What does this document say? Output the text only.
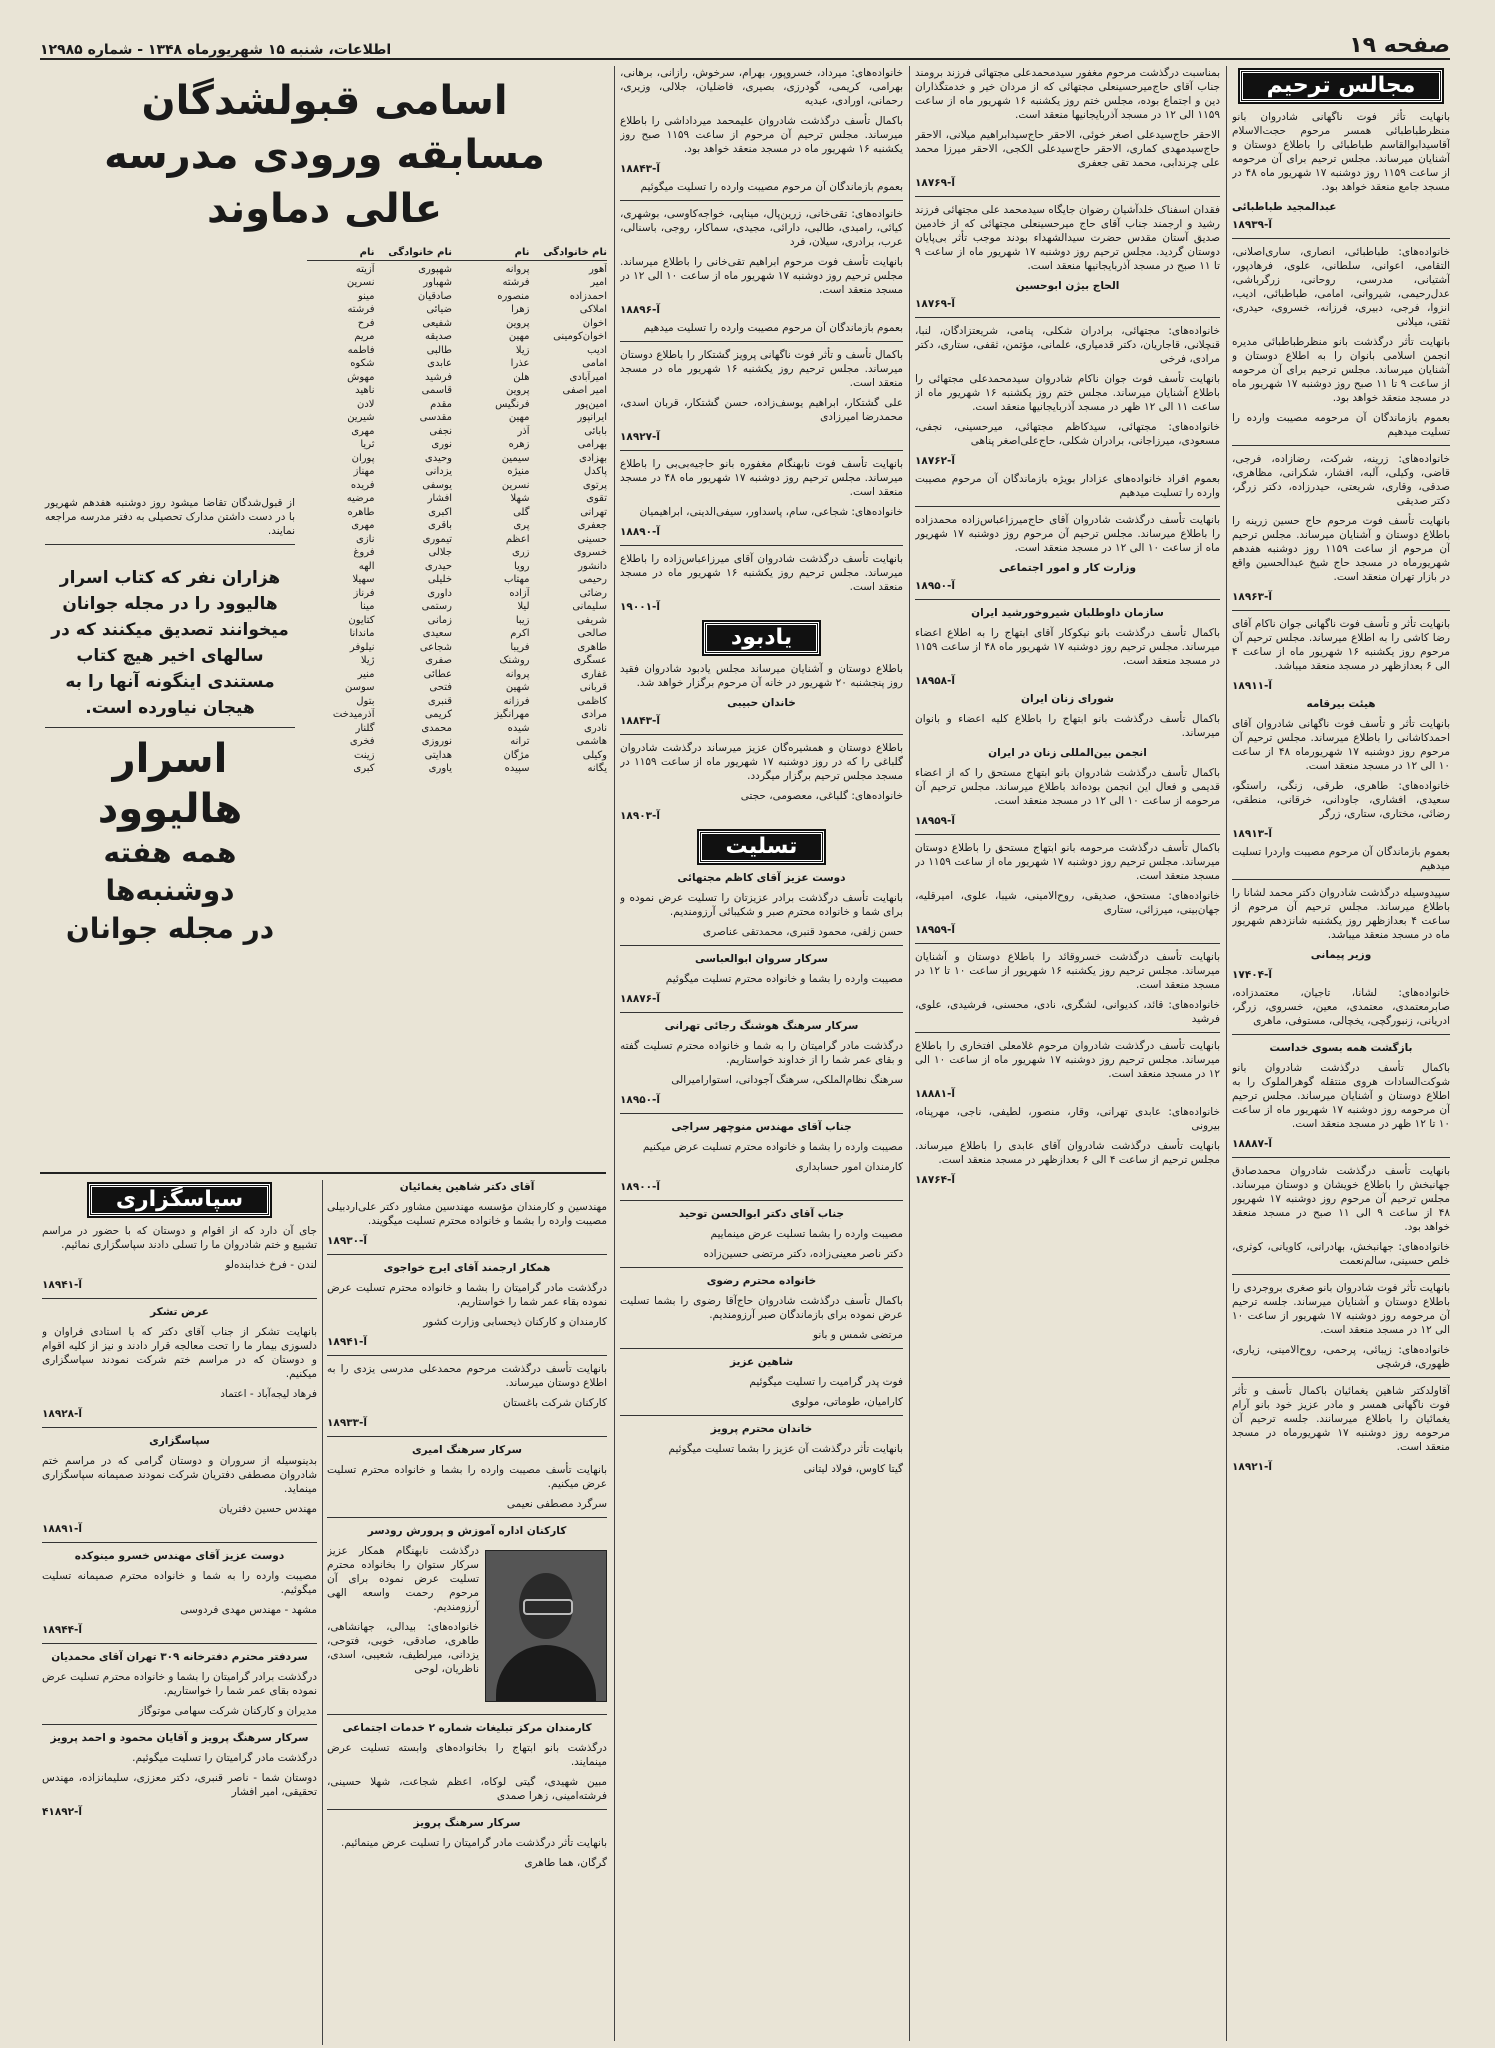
صفحه ۱۹
اطلاعات، شنبه ۱۵ شهریورماه ۱۳۴۸ - شماره ۱۲۹۸۵
مجالس ترحیم

بانهایت تأثر فوت ناگهانی شادروان بانو منظرطباطبائی همسر مرحوم حجت‌الاسلام آقاسیدابوالقاسم طباطبائی را باطلاع دوستان و آشنایان میرساند. مجلس ترحیم برای آن مرحومه از ساعت ۱۱۵۹ روز دوشنبه ۱۷ شهریور ماه ۴۸ در مسجد جامع منعقد خواهد بود.

عبدالمجید طباطبائی
آ-۱۸۹۳۹

خانواده‌های: طباطبائی، انصاری، ساری‌اصلانی، التقامی، اعوانی، سلطانی، علوی، فرهادپور، آشتیانی، مدرسی، روحانی، زرگرباشی، عدل‌رحیمی، شیروانی، امامی، طباطبائی، ادیب، انزوا، فرجی، دبیری، فرزانه، خسروی، حیدری، ثقتی، میلانی

بانهایت تأثر درگذشت بانو منظرطباطبائی مدیره انجمن اسلامی بانوان را به اطلاع دوستان و آشنایان میرساند. مجلس ترحیم برای آن مرحومه از ساعت ۹ تا ۱۱ صبح روز دوشنبه ۱۷ شهریور ماه در مسجد منعقد خواهد بود.

بعموم بازماندگان آن مرحومه مصیبت وارده را تسلیت میدهیم

خانواده‌های: زرینه، شرکت، رضازاده، فرجی، قاضی، وکیلی، آلبه، افشار، شکرانی، مظاهری، صدقی، وقاری، شریعتی، حیدرزاده، دکتر زرگر، دکتر صدیقی

بانهایت تأسف فوت مرحوم حاج حسین زرینه را باطلاع دوستان و آشنایان میرساند. مجلس ترحیم آن مرحوم از ساعت ۱۱۵۹ روز دوشنبه هفدهم شهریورماه در مسجد حاج شیخ عبدالحسین واقع در بازار تهران منعقد است.

آ-۱۸۹۶۳

بانهایت تأثر و تأسف فوت ناگهانی جوان ناکام آقای رضا کاشی را به اطلاع میرساند. مجلس ترحیم آن مرحوم روز یکشنبه ۱۶ شهریور ماه از ساعت ۴ الی ۶ بعدازظهر در مسجد منعقد میباشد.

آ-۱۸۹۱۱

هیئت بیرقامه

بانهایت تأثر و تأسف فوت ناگهانی شادروان آقای احمدکاشانی را باطلاع میرساند. مجلس ترحیم آن مرحوم روز دوشنبه ۱۷ شهریورماه ۴۸ از ساعت ۱۰ الی ۱۲ در مسجد منعقد است.

خانواده‌های: طاهری، طرقی، زنگی، راستگو، سعیدی، افشاری، جاودانی، خرقانی، منطقی، رضائی، مختاری، ستاری، زرگر

آ-۱۸۹۱۳

بعموم بازماندگان آن مرحوم مصیبت واردرا تسلیت میدهیم

سپیدوسیله درگذشت شادروان دکتر محمد لشانا را باطلاع میرساند. مجلس ترحیم آن مرحوم از ساعت ۴ بعدازظهر روز یکشنبه شانزدهم شهریور ماه در مسجد منعقد میباشد.

وزیر پیمانی

آ-۱۷۴۰۴

خانواده‌های: لشانا، تاجیان، معتمدزاده، صابرمعتمدی، معتمدی، معین، خسروی، زرگر، ادریانی، زنبورگچی، یخچالی، مستوفی، ماهری

بازگشت همه بسوی خداست

باکمال تأسف درگذشت شادروان بانو شوکت‌السادات هروی منتقله گوهرالملوک را به اطلاع دوستان و آشنایان میرساند. مجلس ترحیم آن مرحومه روز دوشنبه ۱۷ شهریور ماه از ساعت ۱۰ تا ۱۲ ظهر در مسجد منعقد است.

آ-۱۸۸۸۷

بانهایت تأسف درگذشت شادروان محمدصادق جهانبخش را باطلاع خویشان و دوستان میرساند. مجلس ترحیم آن مرحوم روز دوشنبه ۱۷ شهریور ۴۸ از ساعت ۹ الی ۱۱ صبح در مسجد منعقد خواهد بود.

خانواده‌های: جهانبخش، بهادرانی، کاویانی، کوثری، خلص حسینی، سالم‌نعمت

بانهایت تأثر فوت شادروان بانو صغری بروجردی را باطلاع دوستان و آشنایان میرساند. جلسه ترحیم آن مرحومه روز دوشنبه ۱۷ شهریور از ساعت ۱۰ الی ۱۲ در مسجد منعقد است.

خانواده‌های: زیبائی، پرحمی، روح‌الامینی، زیاری، ظهوری، فرشچی

آقاولدکتر شاهین یغمائیان باکمال تأسف و تأثر فوت ناگهانی همسر و مادر عزیز خود بانو آرام یغمائیان را باطلاع میرسانند. جلسه ترحیم آن مرحومه روز دوشنبه ۱۷ شهریورماه در مسجد منعقد است.

آ-۱۸۹۲۱

بمناسبت درگذشت مرحوم مغفور سیدمحمدعلی مجتهائی فرزند برومند جناب آقای حاج‌میرحسینعلی مجتهائی که از مردان خیر و خدمتگذاران دین و اجتماع بوده، مجلس ختم روز یکشنبه ۱۶ شهریور ماه از ساعت ۱۱۵۹ الی ۱۲ در مسجد آذربایجانیها منعقد است.

الاحقر حاج‌سیدعلی اصغر خوئی، الاحقر حاج‌سیدابراهیم میلانی، الاحقر حاج‌سیدمهدی کماری، الاحقر حاج‌سیدعلی الکجی، الاحقر میرزا محمد علی چرندابی، محمد تقی جعفری

آ-۱۸۷۶۹

فقدان اسفناک خلدآشیان رضوان جایگاه سیدمحمد علی مجتهائی فرزند رشید و ارجمند جناب آقای حاج میرحسینعلی مجتهائی که از خادمین صدیق آستان مقدس حضرت سیدالشهداء بودند موجب تأثر بی‌پایان دوستان گردید. مجلس ترحیم روز دوشنبه ۱۷ شهریور ماه از ساعت ۹ تا ۱۱ صبح در مسجد آذربایجانیها منعقد است.

الحاج بیژن ابوحسین
آ-۱۸۷۶۹

خانواده‌های: مجتهائی، برادران شکلی، پنامی، شریعتزادگان، لنبا، قنچلانی، قاجاریان، دکتر قدمیاری، علمانی، مؤتمن، ثقفی، ستاری، دکتر مرادی، فرخی

بانهایت تأسف فوت جوان ناکام شادروان سیدمحمدعلی مجتهائی را باطلاع آشنایان میرساند. مجلس ختم روز یکشنبه ۱۶ شهریور ماه از ساعت ۱۱ الی ۱۲ ظهر در مسجد آذربایجانیها منعقد است.

خانواده‌های: مجتهائی، سیدکاظم مجتهائی، میرحسینی، نجفی، مسعودی، میرزاجانی، برادران شکلی، حاج‌علی‌اصغر پناهی

آ-۱۸۷۶۲

بعموم افراد خانواده‌های عزادار بویژه بازماندگان آن مرحوم مصیبت وارده را تسلیت میدهیم

بانهایت تأسف درگذشت شادروان آقای حاج‌میرزاعباس‌زاده محمدزاده را باطلاع میرساند. مجلس ترحیم آن مرحوم روز دوشنبه ۱۷ شهریور ماه از ساعت ۱۰ الی ۱۲ در مسجد منعقد است.

وزارت کار و امور اجتماعی
آ-۱۸۹۵۰

سازمان داوطلبان شیروخورشید ایران

باکمال تأسف درگذشت بانو نیکوکار آقای ابتهاج را به اطلاع اعضاء میرساند. مجلس ترحیم روز دوشنبه ۱۷ شهریور ماه ۴۸ از ساعت ۱۱۵۹ در مسجد منعقد است.

آ-۱۸۹۵۸

شورای زنان ایران

باکمال تأسف درگذشت بانو ابتهاج را باطلاع کلیه اعضاء و بانوان میرساند.

انجمن بین‌المللی زنان در ایران

باکمال تأسف درگذشت شادروان بانو ابتهاج مستحق را که از اعضاء قدیمی و فعال این انجمن بوده‌اند باطلاع میرساند. مجلس ترحیم آن مرحومه از ساعت ۱۰ الی ۱۲ در مسجد منعقد است.

آ-۱۸۹۵۹

باکمال تأسف درگذشت مرحومه بانو ابتهاج مستحق را باطلاع دوستان میرساند. مجلس ترحیم روز دوشنبه ۱۷ شهریور ماه از ساعت ۱۱۵۹ در مسجد منعقد است.

خانواده‌های: مستحق، صدیقی، روح‌الامینی، شیبا، علوی، امیرقلیه، جهان‌بینی، میرزائی، ستاری

آ-۱۸۹۵۹

بانهایت تأسف درگذشت خسروقائد را باطلاع دوستان و آشنایان میرساند. مجلس ترحیم روز یکشنبه ۱۶ شهریور از ساعت ۱۰ تا ۱۲ در مسجد منعقد است.

خانواده‌های: قائد، کدیوانی، لشگری، نادی، محسنی، فرشیدی، علوی، فرشید

بانهایت تأسف درگذشت شادروان مرحوم غلامعلی افتخاری را باطلاع میرساند. مجلس ترحیم روز دوشنبه ۱۷ شهریور ماه از ساعت ۱۰ الی ۱۲ در مسجد منعقد است.

آ-۱۸۸۸۱

خانواده‌های: عابدی تهرانی، وقار، منصور، لطیفی، ناجی، مهرپناه، بیرونی

بانهایت تأسف درگذشت شادروان آقای عابدی را باطلاع میرساند. مجلس ترحیم از ساعت ۴ الی ۶ بعدازظهر در مسجد منعقد است.

آ-۱۸۷۶۴

خانواده‌های: میرداد، خسروپور، بهرام، سرخوش، رازانی، برهانی، بهرامی، کریمی، گودرزی، بصیری، فاضلیان، جلالی، وزیری، رحمانی، اورادی، عبدیه

باکمال تأسف درگذشت شادروان علیمحمد میرداداشی را باطلاع میرساند. مجلس ترحیم آن مرحوم از ساعت ۱۱۵۹ صبح روز یکشنبه ۱۶ شهریور ماه در مسجد منعقد خواهد بود.

آ-۱۸۸۴۳

بعموم بازماندگان آن مرحوم مصیبت وارده را تسلیت میگوئیم

خانواده‌های: تقی‌خانی، زرین‌پال، میناپی، خواجه‌کاوسی، بوشهری، کیائی، رامبدی، طالبی، دارائی، مجیدی، سماکار، روجی، باسنالی، عرب، برادری، سیلان، فرد

بانهایت تأسف فوت مرحوم ابراهیم تقی‌خانی را باطلاع میرساند. مجلس ترحیم روز دوشنبه ۱۷ شهریور ماه از ساعت ۱۰ الی ۱۲ در مسجد منعقد است.

آ-۱۸۸۹۶

بعموم بازماندگان آن مرحوم مصیبت وارده را تسلیت میدهیم

باکمال تأسف و تأثر فوت ناگهانی پرویز گشتکار را باطلاع دوستان میرساند. مجلس ترحیم روز یکشنبه ۱۶ شهریور ماه در مسجد منعقد است.

علی گشتکار، ابراهیم یوسف‌زاده، حسن گشتکار، قربان اسدی، محمدرضا امیرزادی

آ-۱۸۹۲۷

بانهایت تأسف فوت نابهنگام مغفوره بانو حاجیه‌بی‌بی را باطلاع میرساند. مجلس ترحیم روز دوشنبه ۱۷ شهریور ماه ۴۸ در مسجد منعقد است.

خانواده‌های: شجاعی، سام، پاسداور، سیفی‌الدینی، ابراهیمیان

آ-۱۸۸۹۰

بانهایت تأسف درگذشت شادروان آقای میرزاعباس‌زاده را باطلاع میرساند. مجلس ترحیم روز یکشنبه ۱۶ شهریور ماه در مسجد منعقد است.

آ-۱۹۰۰۱
یادبود

باطلاع دوستان و آشنایان میرساند مجلس یادبود شادروان فقید روز پنجشنبه ۲۰ شهریور در خانه آن مرحوم برگزار خواهد شد.

خاندان حبیبی
آ-۱۸۸۴۳

باطلاع دوستان و همشیره‌گان عزیز میرساند درگذشت شادروان گلباغی را که در روز دوشنبه ۱۷ شهریور ماه از ساعت ۱۱۵۹ در مسجد مجلس ترحیم برگزار میگردد.

خانواده‌های: گلباغی، معصومی، حجتی

آ-۱۸۹۰۳
تسلیت

دوست عزیز آقای کاظم مجتهائی

بانهایت تأسف درگذشت برادر عزیزتان را تسلیت عرض نموده و برای شما و خانواده محترم صبر و شکیبائی آرزومندیم.

حسن زلفی، محمود قنبری، محمدتقی عناصری

سرکار سروان ابوالعباسی

مصیبت وارده را بشما و خانواده محترم تسلیت میگوئیم

آ-۱۸۸۷۶

سرکار سرهنگ هوشنگ رجائی تهرانی

درگذشت مادر گرامیتان را به شما و خانواده محترم تسلیت گفته و بقای عمر شما را از خداوند خواستاریم.

سرهنگ نظام‌الملکی، سرهنگ آجودانی، استوارامیرالی

آ-۱۸۹۵۰

جناب آقای مهندس منوچهر سراجی

مصیبت وارده را بشما و خانواده محترم تسلیت عرض میکنیم

کارمندان امور حسابداری

آ-۱۸۹۰۰

جناب آقای دکتر ابوالحسن توحید

مصیبت وارده را بشما تسلیت عرض مینماییم

دکتر ناصر معینی‌زاده، دکتر مرتضی حسین‌زاده

خانواده محترم رضوی

باکمال تأسف درگذشت شادروان حاج‌آقا رضوی را بشما تسلیت عرض نموده برای بازماندگان صبر آرزومندیم.

مرتضی شمس و بانو

شاهین عزیز

فوت پدر گرامیت را تسلیت میگوئیم

کارامیان، طوماتی، مولوی

خاندان محترم پرویز

بانهایت تأثر درگذشت آن عزیز را بشما تسلیت میگوئیم

گیتا کاوس، فولاد لیتانی

اسامی قبولشدگان مسابقه ورودی مدرسه عالی دماوند
نام خانوادگی
نام
نام خانوادگی
نام
آهور
پروانه
شهپوری
آزیته
امیر
فرشته
شهباور
نسرین
احمدزاده
منصوره
صادقیان
مینو
املاکی
زهرا
ضیائی
فرشته
اخوان
پروین
شفیعی
فرح
اخوان‌کومینی
مهین
صدیقه
مریم
ادیب
زیلا
طالبی
فاطمه
امامی
عذرا
عابدی
شکوه
امیرآبادی
هلن
فرشید
مهوش
امیر اصفی
پروین
قاسمی
ناهید
امین‌پور
فرنگیس
مقدم
لادن
ایرانپور
مهین
مقدسی
شیرین
بابائی
آذر
نجفی
مهری
بهرامی
زهره
نوری
ثریا
بهزادی
سیمین
وحیدی
پوران
پاکدل
منیژه
یزدانی
مهناز
پرتوی
نسرین
یوسفی
فریده
تقوی
شهلا
افشار
مرضیه
تهرانی
گلی
اکبری
طاهره
جعفری
پری
باقری
مهری
حسینی
اعظم
تیموری
نازی
خسروی
زری
جلالی
فروغ
دانشور
رویا
حیدری
الهه
رحیمی
مهتاب
خلیلی
سهیلا
رضائی
آزاده
داوری
فرناز
سلیمانی
لیلا
رستمی
مینا
شریفی
زیبا
زمانی
کتایون
صالحی
اکرم
سعیدی
ماندانا
طاهری
فریبا
شجاعی
نیلوفر
عسگری
روشنک
صفری
ژیلا
غفاری
پروانه
عطائی
منیر
قربانی
شهین
فتحی
سوسن
کاظمی
فرزانه
قنبری
بتول
مرادی
مهرانگیز
کریمی
آذرمیدخت
نادری
شیده
محمدی
گلنار
هاشمی
ترانه
نوروزی
فخری
وکیلی
مژگان
هدایتی
زینت
یگانه
سپیده
یاوری
کبری

از قبول‌شدگان تقاضا میشود روز دوشنبه هفدهم شهریور با در دست داشتن مدارک تحصیلی به دفتر مدرسه مراجعه نمایند.

هزاران نفر که کتاب اسرار هالیوود را در مجله جوانان میخوانند تصدیق میکنند که در سالهای اخیر هیچ کتاب مستندی اینگونه آنها را به هیجان نیاورده است.
اسرار هالیوود
همه هفته دوشنبه‌ها
در مجله جوانان

آقای دکتر شاهین یغمائیان

مهندسین و کارمندان مؤسسه مهندسین مشاور دکتر علی‌اردبیلی مصیبت وارده را بشما و خانواده محترم تسلیت میگویند.

آ-۱۸۹۳۰

همکار ارجمند آقای ایرج خواجوی

درگذشت مادر گرامیتان را بشما و خانواده محترم تسلیت عرض نموده بقاء عمر شما را خواستاریم.

کارمندان و کارکنان ذیحسابی وزارت کشور

آ-۱۸۹۴۱

بانهایت تأسف درگذشت مرحوم محمدعلی مدرسی یزدی را به اطلاع دوستان میرساند.

کارکنان شرکت باغستان

آ-۱۸۹۳۳

سرکار سرهنگ امیری

بانهایت تأسف مصیبت وارده را بشما و خانواده محترم تسلیت عرض میکنیم.

سرگرد مصطفی نعیمی

کارکنان اداره آموزش و پرورش رودسر

درگذشت نابهنگام همکار عزیز سرکار ستوان را بخانواده محترم تسلیت عرض نموده برای آن مرحوم رحمت واسعه الهی آرزومندیم.

خانواده‌های: بیدالی، جهانشاهی، طاهری، صادقی، خوبی، فتوحی، یزدانی، میرلطیف، شعیبی، اسدی، ناظریان، لوحی

کارمندان مرکز تبلیغات شماره ۲ خدمات اجتماعی

درگذشت بانو ابتهاج را بخانواده‌های وابسته تسلیت عرض مینمایند.

مبین شهیدی، گیتی لوکاه، اعظم شجاعت، شهلا حسینی، فرشته‌امینی، زهرا صمدی

سرکار سرهنگ پرویز

بانهایت تأثر درگذشت مادر گرامیتان را تسلیت عرض مینمائیم.

گرگان، هما طاهری

سپاسگزاری

جای آن دارد که از اقوام و دوستان که با حضور در مراسم تشییع و ختم شادروان ما را تسلی دادند سپاسگزاری نمائیم.

لندن - فرخ خدابنده‌لو

آ-۱۸۹۴۱

عرض تشکر

بانهایت تشکر از جناب آقای دکتر که با استادی فراوان و دلسوزی بیمار ما را تحت معالجه قرار دادند و نیز از کلیه اقوام و دوستان که در مراسم ختم شرکت نمودند سپاسگزاری میکنیم.

فرهاد لیجه‌آباد - اعتماد

آ-۱۸۹۲۸

سپاسگزاری

بدینوسیله از سروران و دوستان گرامی که در مراسم ختم شادروان مصطفی دفتریان شرکت نمودند صمیمانه سپاسگزاری مینماید.

مهندس حسین دفتریان

آ-۱۸۸۹۱

دوست عزیز آقای مهندس خسرو مینوکده

مصیبت وارده را به شما و خانواده محترم صمیمانه تسلیت میگوئیم.

مشهد - مهندس مهدی فردوسی

آ-۱۸۹۴۴

سردفتر محترم دفترخانه ۳۰۹ تهران آقای محمدیان

درگذشت برادر گرامیتان را بشما و خانواده محترم تسلیت عرض نموده بقای عمر شما را خواستاریم.

مدیران و کارکنان شرکت سهامی موتوگاز

سرکار سرهنگ پرویز و آقایان محمود و احمد پرویز

درگذشت مادر گرامیتان را تسلیت میگوئیم.

دوستان شما - ناصر قنبری، دکتر معززی، سلیمانزاده، مهندس تحقیقی، امیر افشار

آ-۴۱۸۹۲
